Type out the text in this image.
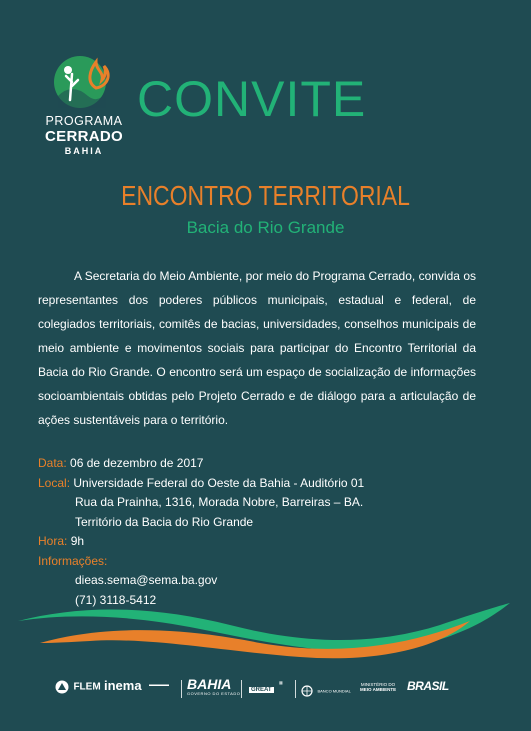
PROGRAMA
CERRADO
BAHIA
CONVITE
ENCONTRO TERRITORIAL
Bacia do Rio Grande
A Secretaria do Meio Ambiente, por meio do Programa Cerrado, convida os representantes dos poderes públicos municipais, estadual e federal, de colegiados territoriais, comitês de bacias, universidades, conselhos municipais de meio ambiente e movimentos sociais para participar do Encontro Territorial da Bacia do Rio Grande. O encontro será um espaço de socialização de informações socioambientais obtidas pelo Projeto Cerrado e de diálogo para a articulação de ações sustentáveis para o território.
Data: 06 de dezembro de 2017
Local: Universidade Federal do Oeste da Bahia - Auditório 01
Rua da Prainha, 1316, Morada Nobre, Barreiras – BA.
Território da Bacia do Rio Grande
Hora: 9h
Informações:
dieas.sema@sema.ba.gov
(71) 3118-5412
FLEM inema ▬▬▬▬ BAHIA
GOVERNO DO ESTADO
GREAT
▦
BANCO MUNDIAL
MINISTÉRIO DO
MEIO AMBIENTE BRASIL
